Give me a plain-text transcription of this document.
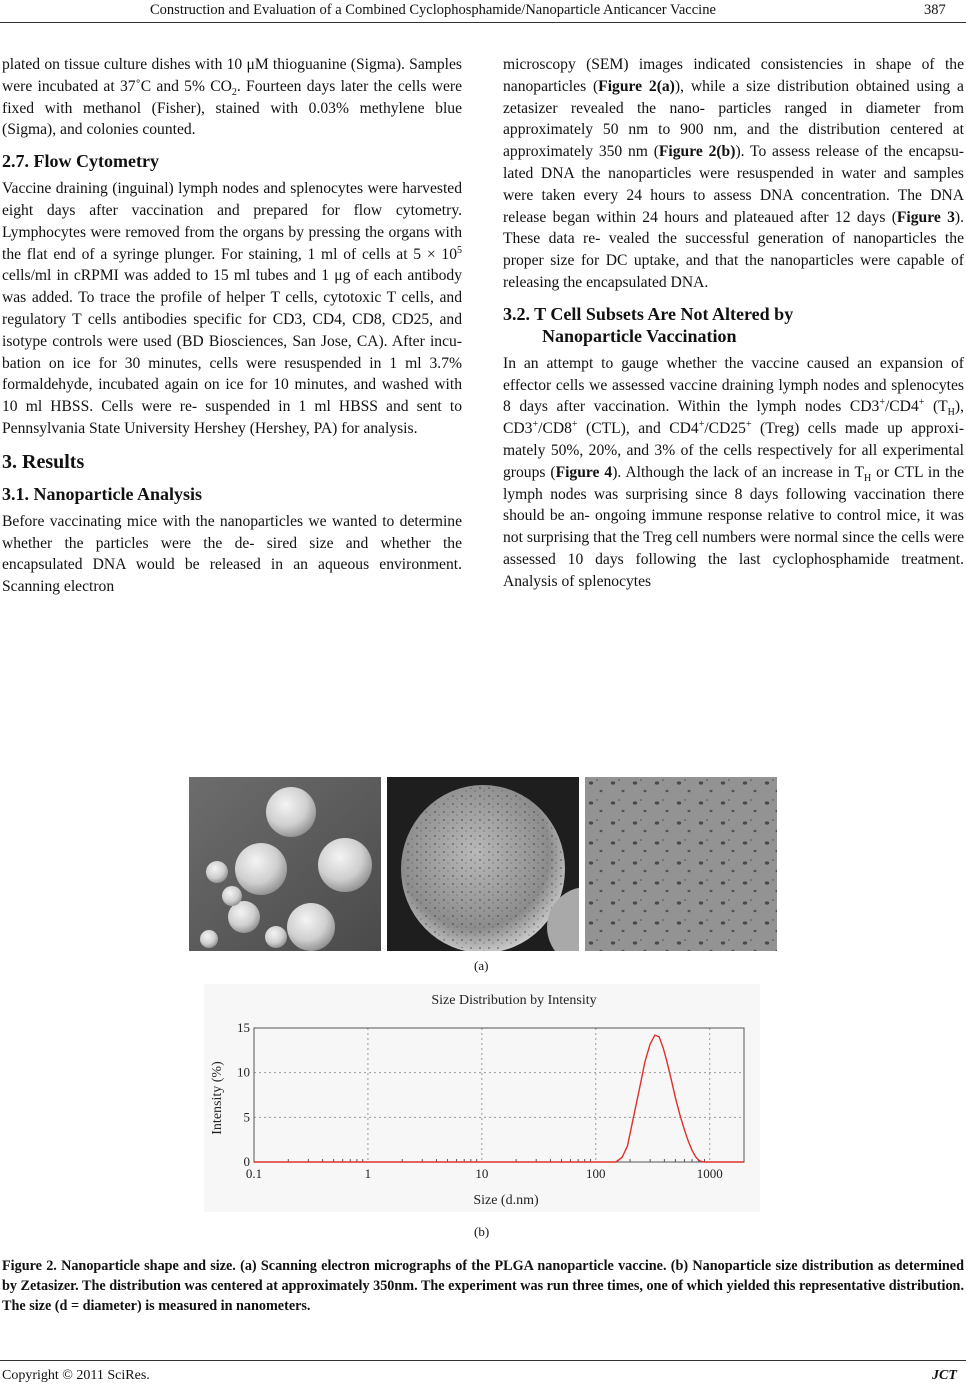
Construction and Evaluation of a Combined Cyclophosphamide/Nanoparticle Anticancer Vaccine	387

plated on tissue culture dishes with 10 μM thioguanine (Sigma). Samples were incubated at 37˚C and 5% $CO_2$. Fourteen days later the cells were fixed with methanol (Fisher), stained with 0.03% methylene blue (Sigma), and colonies counted.

2.7. Flow Cytometry

Vaccine draining (inguinal) lymph nodes and splenocytes were harvested eight days after vaccination and prepared for flow cytometry. Lymphocytes were removed from the organs by pressing the organs with the flat end of a syringe plunger. For staining, 1 ml of cells at $5 \times 10^5$ cells/ml in cRPMI was added to 15 ml tubes and 1 μg of each antibody was added. To trace the profile of helper T cells, cytotoxic T cells, and regulatory T cells antibodies specific for CD3, CD4, CD8, CD25, and isotype controls were used (BD Biosciences, San Jose, CA). After incu- bation on ice for 30 minutes, cells were resuspended in 1 ml 3.7% formaldehyde, incubated again on ice for 10 minutes, and washed with 10 ml HBSS. Cells were re- suspended in 1 ml HBSS and sent to Pennsylvania State University Hershey (Hershey, PA) for analysis.

3. Results
3.1. Nanoparticle Analysis

Before vaccinating mice with the nanoparticles we wanted to determine whether the particles were the de- sired size and whether the encapsulated DNA would be released in an aqueous environment. Scanning electron

microscopy (SEM) images indicated consistencies in shape of the nanoparticles (Figure 2(a)), while a size distribution obtained using a zetasizer revealed the nano- particles ranged in diameter from approximately 50 nm to 900 nm, and the distribution centered at approximately 350 nm (Figure 2(b)). To assess release of the encapsu- lated DNA the nanoparticles were resuspended in water and samples were taken every 24 hours to assess DNA concentration. The DNA release began within 24 hours and plateaued after 12 days (Figure 3). These data re- vealed the successful generation of nanoparticles the proper size for DC uptake, and that the nanoparticles were capable of releasing the encapsulated DNA.

3.2. T Cell Subsets Are Not Altered by
Nanoparticle Vaccination

In an attempt to gauge whether the vaccine caused an expansion of effector cells we assessed vaccine draining lymph nodes and splenocytes 8 days after vaccination. Within the lymph nodes CD3+/CD4+ $(T_H)$, CD3+/CD8+ (CTL), and CD4+/CD25+ (Treg) cells made up approxi- mately 50%, 20%, and 3% of the cells respectively for all experimental groups (Figure 4). Although the lack of an increase in $T_H$ or CTL in the lymph nodes was surprising since 8 days following vaccination there should be an- ongoing immune response relative to control mice, it was not surprising that the Treg cell numbers were normal since the cells were assessed 10 days following the last cyclophosphamide treatment. Analysis of splenocytes

(a)
Size Distribution by Intensity
Size (d.nm)
Intensity (%)
0.1	1	10	100	1000
0
5
10
15
(b)
Figure 2. Nanoparticle shape and size. (a) Scanning electron micrographs of the PLGA nanoparticle vaccine. (b) Nanoparticle size distribution as determined by Zetasizer. The distribution was centered at approximately 350nm. The experiment was run three times, one of which yielded this representative distribution. The size (d = diameter) is measured in nanometers.
Copyright © 2011 SciRes.	JCT
